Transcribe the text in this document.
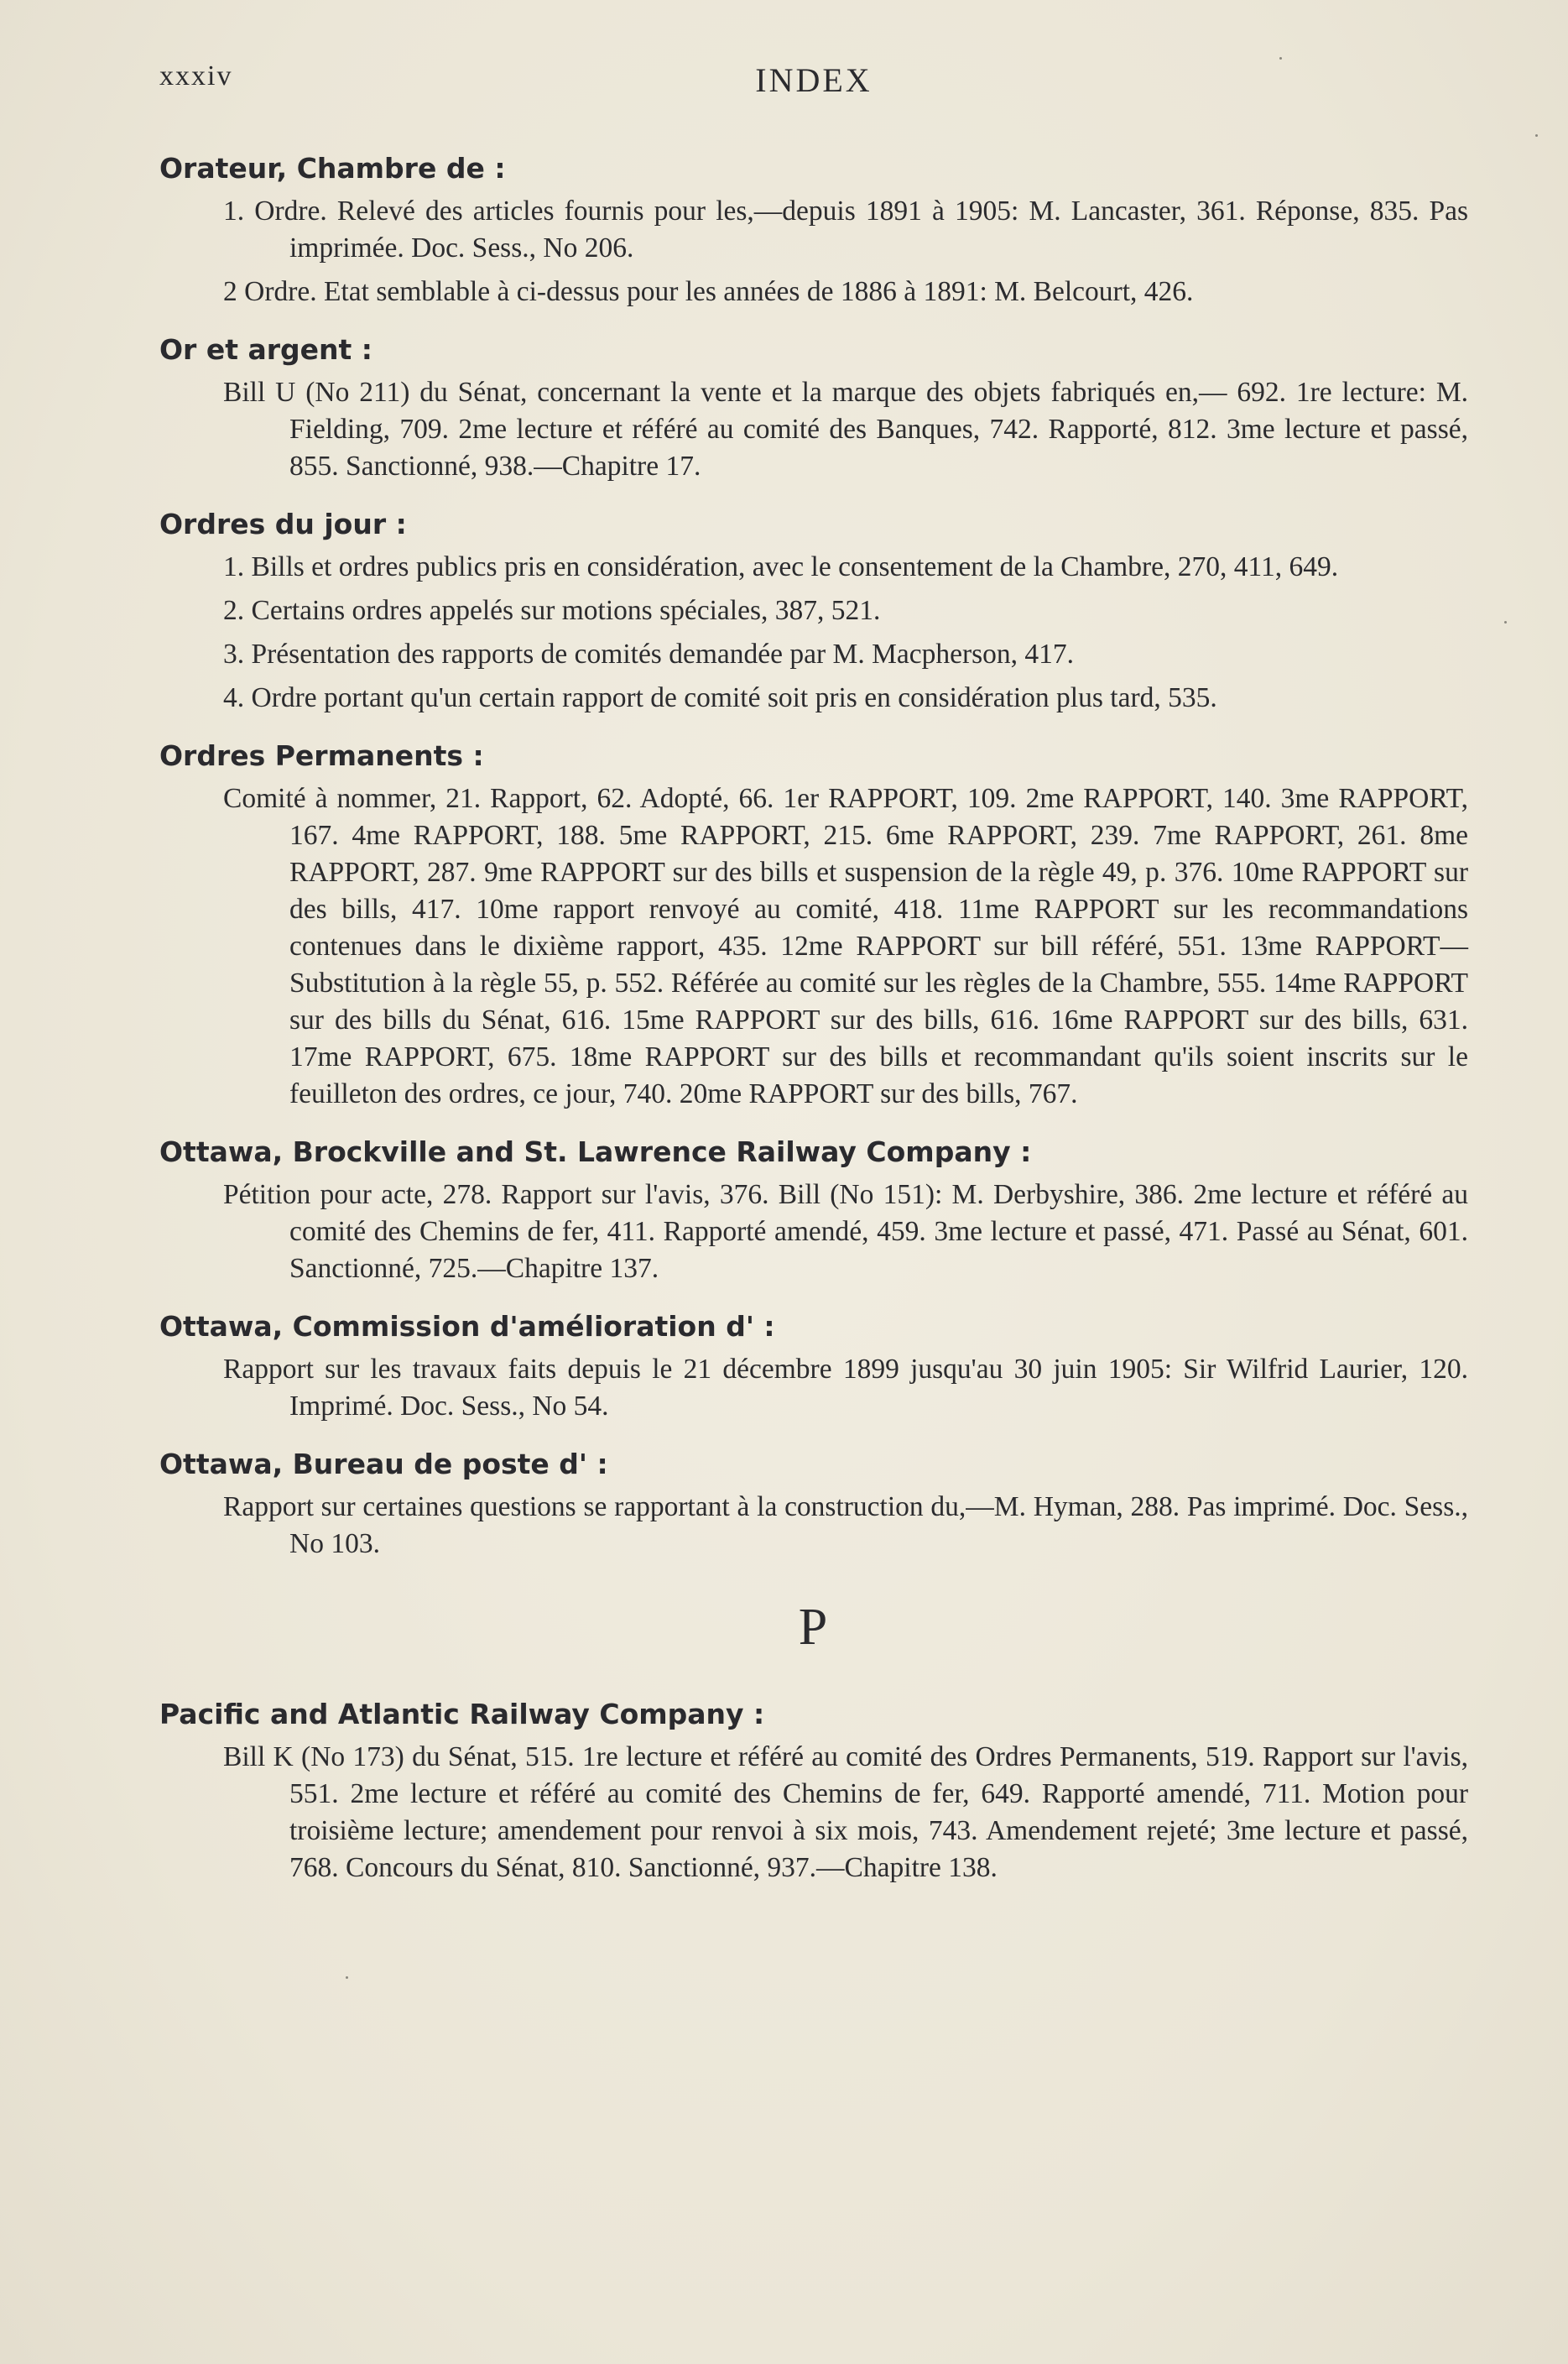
xxxiv	INDEX
Orateur, Chambre de :
1. Ordre. Relevé des articles fournis pour les,—depuis 1891 à 1905: M. Lancaster, 361. Réponse, 835. Pas imprimée. Doc. Sess., No 206.
2 Ordre. Etat semblable à ci-dessus pour les années de 1886 à 1891: M. Belcourt, 426.
Or et argent :
Bill U (No 211) du Sénat, concernant la vente et la marque des objets fabriqués en,— 692. 1re lecture: M. Fielding, 709. 2me lecture et référé au comité des Banques, 742. Rapporté, 812. 3me lecture et passé, 855. Sanctionné, 938.—Chapitre 17.
Ordres du jour :
1. Bills et ordres publics pris en considération, avec le consentement de la Chambre, 270, 411, 649.
2. Certains ordres appelés sur motions spéciales, 387, 521.
3. Présentation des rapports de comités demandée par M. Macpherson, 417.
4. Ordre portant qu'un certain rapport de comité soit pris en considération plus tard, 535.
Ordres Permanents :
Comité à nommer, 21. Rapport, 62. Adopté, 66. 1er RAPPORT, 109. 2me RAPPORT, 140. 3me RAPPORT, 167. 4me RAPPORT, 188. 5me RAPPORT, 215. 6me RAPPORT, 239. 7me RAPPORT, 261. 8me RAPPORT, 287. 9me RAPPORT sur des bills et suspension de la règle 49, p. 376. 10me RAPPORT sur des bills, 417. 10me rapport renvoyé au comité, 418. 11me RAPPORT sur les recommandations contenues dans le dixième rapport, 435. 12me RAPPORT sur bill référé, 551. 13me RAPPORT—Substitution à la règle 55, p. 552. Référée au comité sur les règles de la Chambre, 555. 14me RAPPORT sur des bills du Sénat, 616. 15me RAPPORT sur des bills, 616. 16me RAPPORT sur des bills, 631. 17me RAPPORT, 675. 18me RAPPORT sur des bills et recommandant qu'ils soient inscrits sur le feuilleton des ordres, ce jour, 740. 20me RAPPORT sur des bills, 767.
Ottawa, Brockville and St. Lawrence Railway Company :
Pétition pour acte, 278. Rapport sur l'avis, 376. Bill (No 151): M. Derbyshire, 386. 2me lecture et référé au comité des Chemins de fer, 411. Rapporté amendé, 459. 3me lecture et passé, 471. Passé au Sénat, 601. Sanctionné, 725.—Chapitre 137.
Ottawa, Commission d'amélioration d' :
Rapport sur les travaux faits depuis le 21 décembre 1899 jusqu'au 30 juin 1905: Sir Wilfrid Laurier, 120. Imprimé. Doc. Sess., No 54.
Ottawa, Bureau de poste d' :
Rapport sur certaines questions se rapportant à la construction du,—M. Hyman, 288. Pas imprimé. Doc. Sess., No 103.
P
Pacific and Atlantic Railway Company :
Bill K (No 173) du Sénat, 515. 1re lecture et référé au comité des Ordres Permanents, 519. Rapport sur l'avis, 551. 2me lecture et référé au comité des Chemins de fer, 649. Rapporté amendé, 711. Motion pour troisième lecture; amendement pour renvoi à six mois, 743. Amendement rejeté; 3me lecture et passé, 768. Concours du Sénat, 810. Sanctionné, 937.—Chapitre 138.
